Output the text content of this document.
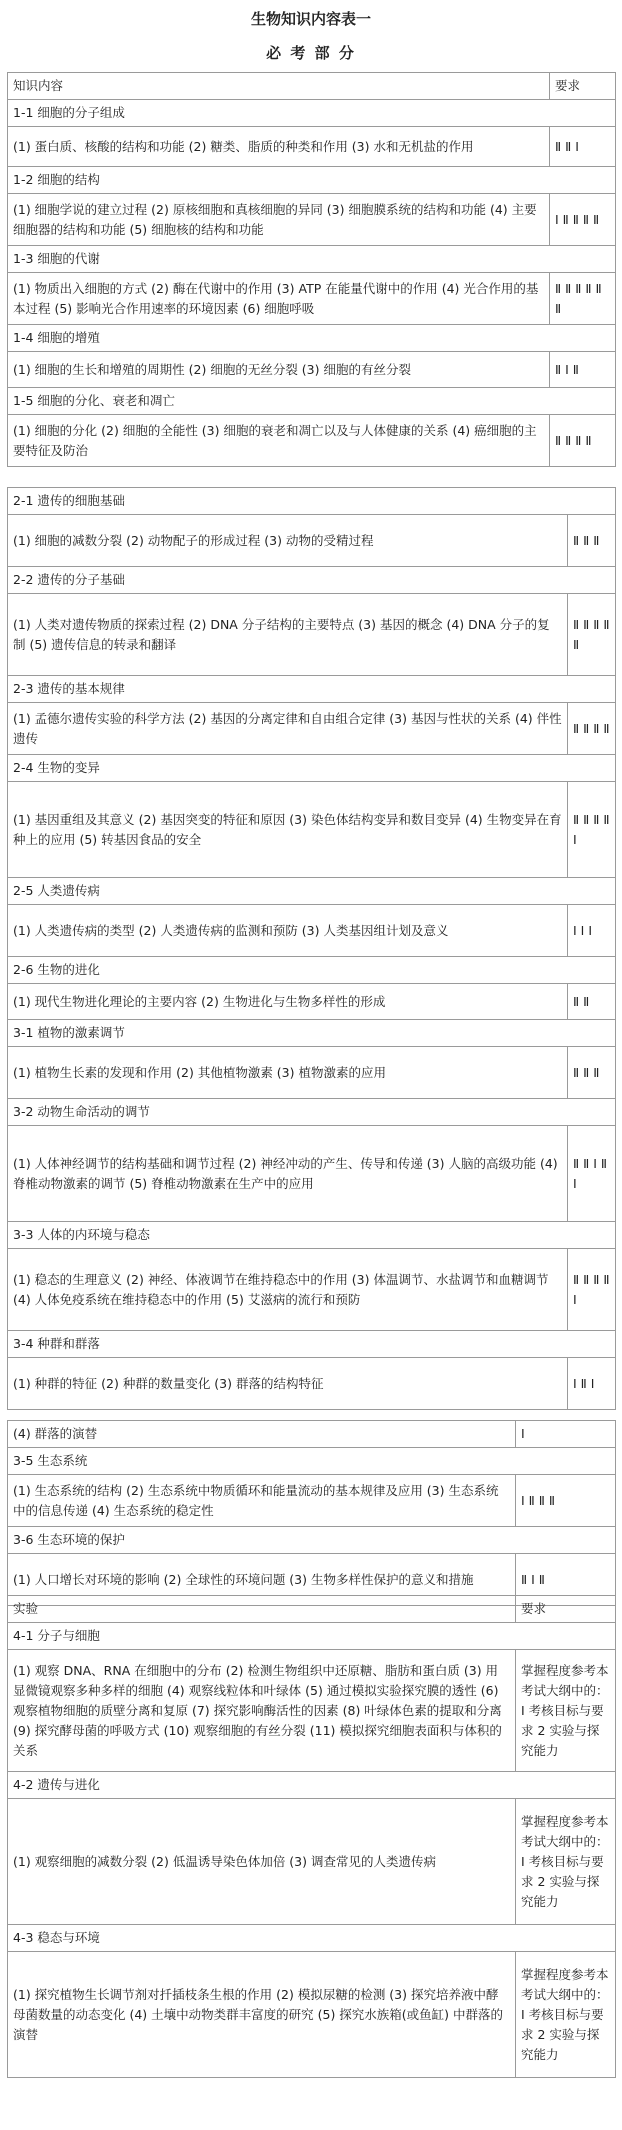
生物知识内容表一
必 考 部 分
知识内容	要求
1-1 细胞的分子组成	
(1) 蛋白质、核酸的结构和功能 (2) 糖类、脂质的种类和作用 (3) 水和无机盐的作用	Ⅱ Ⅱ Ⅰ
1-2 细胞的结构	
(1) 细胞学说的建立过程 (2) 原核细胞和真核细胞的异同 (3) 细胞膜系统的结构和功能 (4) 主要细胞器的结构和功能 (5) 细胞核的结构和功能	Ⅰ Ⅱ Ⅱ Ⅱ Ⅱ
1-3 细胞的代谢	
(1) 物质出入细胞的方式 (2) 酶在代谢中的作用 (3) ATP 在能量代谢中的作用 (4) 光合作用的基本过程 (5) 影响光合作用速率的环境因素 (6) 细胞呼吸	Ⅱ Ⅱ Ⅱ Ⅱ Ⅱ Ⅱ
1-4 细胞的增殖	
(1) 细胞的生长和增殖的周期性 (2) 细胞的无丝分裂 (3) 细胞的有丝分裂	Ⅱ Ⅰ Ⅱ
1-5 细胞的分化、衰老和凋亡	
(1) 细胞的分化 (2) 细胞的全能性 (3) 细胞的衰老和凋亡以及与人体健康的关系 (4) 癌细胞的主要特征及防治	Ⅱ Ⅱ Ⅱ Ⅱ
2-1 遗传的细胞基础	
(1) 细胞的减数分裂 (2) 动物配子的形成过程 (3) 动物的受精过程	Ⅱ Ⅱ Ⅱ
2-2 遗传的分子基础	
(1) 人类对遗传物质的探索过程 (2) DNA 分子结构的主要特点 (3) 基因的概念 (4) DNA 分子的复制 (5) 遗传信息的转录和翻译	Ⅱ Ⅱ Ⅱ Ⅱ Ⅱ
2-3 遗传的基本规律	
(1) 孟德尔遗传实验的科学方法 (2) 基因的分离定律和自由组合定律 (3) 基因与性状的关系 (4) 伴性遗传	Ⅱ Ⅱ Ⅱ Ⅱ
2-4 生物的变异	
(1) 基因重组及其意义 (2) 基因突变的特征和原因 (3) 染色体结构变异和数目变异 (4) 生物变异在育种上的应用 (5) 转基因食品的安全	Ⅱ Ⅱ Ⅱ Ⅱ Ⅰ
2-5 人类遗传病	
(1) 人类遗传病的类型 (2) 人类遗传病的监测和预防 (3) 人类基因组计划及意义	Ⅰ Ⅰ Ⅰ
2-6 生物的进化	
(1) 现代生物进化理论的主要内容 (2) 生物进化与生物多样性的形成	Ⅱ Ⅱ
3-1 植物的激素调节	
(1) 植物生长素的发现和作用 (2) 其他植物激素 (3) 植物激素的应用	Ⅱ Ⅱ Ⅱ
3-2 动物生命活动的调节	
(1) 人体神经调节的结构基础和调节过程 (2) 神经冲动的产生、传导和传递 (3) 人脑的高级功能 (4) 脊椎动物激素的调节 (5) 脊椎动物激素在生产中的应用	Ⅱ Ⅱ Ⅰ Ⅱ Ⅰ
3-3 人体的内环境与稳态	
(1) 稳态的生理意义 (2) 神经、体液调节在维持稳态中的作用 (3) 体温调节、水盐调节和血糖调节 (4) 人体免疫系统在维持稳态中的作用 (5) 艾滋病的流行和预防	Ⅱ Ⅱ Ⅱ Ⅱ Ⅰ
3-4 种群和群落	
(1) 种群的特征 (2) 种群的数量变化 (3) 群落的结构特征	Ⅰ Ⅱ Ⅰ
(4) 群落的演替	Ⅰ
3-5 生态系统	
(1) 生态系统的结构 (2) 生态系统中物质循环和能量流动的基本规律及应用 (3) 生态系统中的信息传递 (4) 生态系统的稳定性	Ⅰ Ⅱ Ⅱ Ⅱ
3-6 生态环境的保护	
(1) 人口增长对环境的影响 (2) 全球性的环境问题 (3) 生物多样性保护的意义和措施	Ⅱ Ⅰ Ⅱ
实验	要求
4-1 分子与细胞	
(1) 观察 DNA、RNA 在细胞中的分布 (2) 检测生物组织中还原糖、脂肪和蛋白质 (3) 用显微镜观察多种多样的细胞 (4) 观察线粒体和叶绿体 (5) 通过模拟实验探究膜的透性 (6) 观察植物细胞的质壁分离和复原 (7) 探究影响酶活性的因素 (8) 叶绿体色素的提取和分离 (9) 探究酵母菌的呼吸方式 (10) 观察细胞的有丝分裂 (11) 模拟探究细胞表面积与体积的关系	掌握程度参考本考试大纲中的：Ⅰ 考核目标与要求 2 实验与探究能力
4-2 遗传与进化	
(1) 观察细胞的减数分裂 (2) 低温诱导染色体加倍 (3) 调查常见的人类遗传病	掌握程度参考本考试大纲中的：Ⅰ 考核目标与要求 2 实验与探究能力
4-3 稳态与环境	
(1) 探究植物生长调节剂对扦插枝条生根的作用 (2) 模拟尿糖的检测 (3) 探究培养液中酵母菌数量的动态变化 (4) 土壤中动物类群丰富度的研究 (5) 探究水族箱(或鱼缸) 中群落的演替	掌握程度参考本考试大纲中的：Ⅰ 考核目标与要求 2 实验与探究能力
